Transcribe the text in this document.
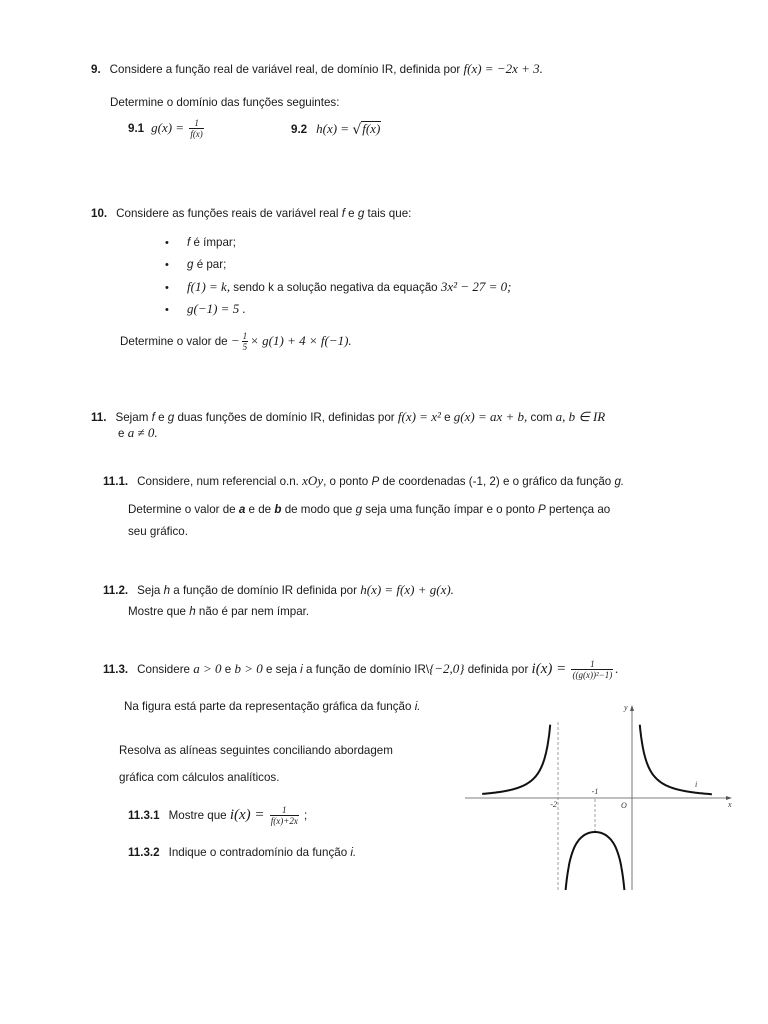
9. Considere a função real de variável real, de domínio IR, definida por f(x) = −2x + 3.
Determine o domínio das funções seguintes:
9.1 $g(x) = \frac{1}{f(x)}$	9.2 h(x) = √f(x)
10. Considere as funções reais de variável real f e g tais que:
• f é ímpar;
• g é par;
• f(1) = k, sendo k a solução negativa da equação 3x² − 27 = 0;
• g(−1) = 5 .
Determine o valor de − $\frac{1}{5} \times g(1) + 4 \times f(-1)$.
11. Sejam f e g duas funções de domínio IR, definidas por f(x) = x² e g(x) = ax + b, com a, b ∈ IR
e a ≠ 0.
11.1. Considere, num referencial o.n. xOy, o ponto P de coordenadas (-1, 2) e o gráfico da função g.
Determine o valor de a e de b de modo que g seja uma função ímpar e o ponto P pertença ao
seu gráfico.
11.2. Seja h a função de domínio IR definida por h(x) = f(x) + g(x).
Mostre que h não é par nem ímpar.
11.3. Considere a > 0 e b > 0 e seja i a função de domínio IR\{−2,0} definida por $i(x) = \frac{1}{\text{((g(x))²−1)}}$ .
Na figura está parte da representação gráfica da função i.
Resolva as alíneas seguintes conciliando abordagem
gráfica com cálculos analíticos.
11.3.1 Mostre que $i(x) = \frac{1}{f(x)+2x}$ ;
11.3.2 Indique o contradomínio da função i.
y
x
O
-2
-1
i
